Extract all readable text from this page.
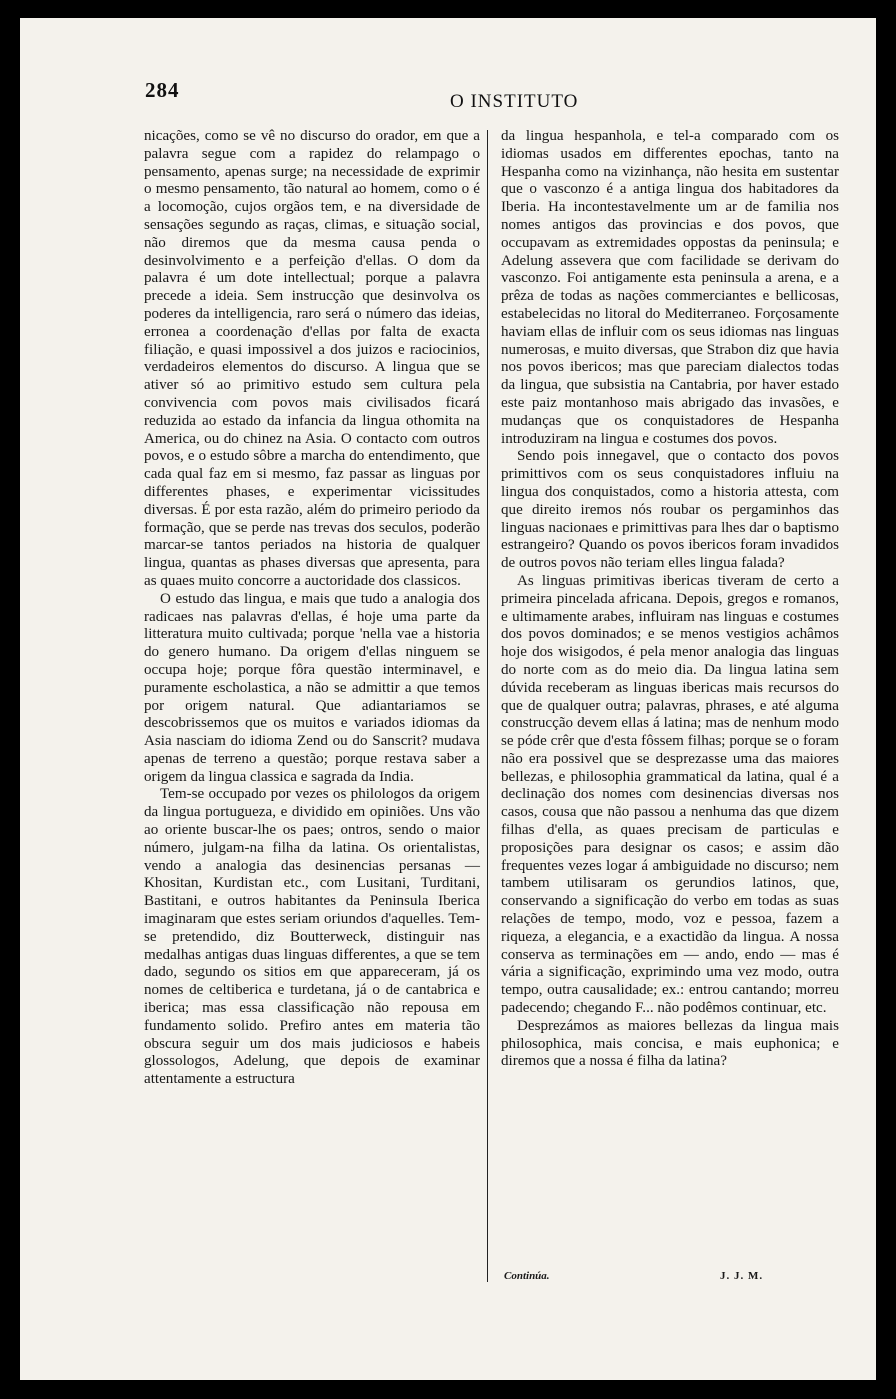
284	O INSTITUTO

nicações, como se vê no discurso do orador, em que a palavra segue com a rapidez do relampago o pensamento, apenas surge; na necessidade de exprimir o mesmo pensamento, tão natural ao homem, como o é a locomoção, cujos orgãos tem, e na diversidade de sensações segundo as raças, climas, e situação social, não diremos que da mesma causa penda o desinvolvimento e a perfeição d'ellas. O dom da palavra é um dote intellectual; porque a palavra precede a ideia. Sem instrucção que desinvolva os poderes da intelligencia, raro será o número das ideias, erronea a coordenação d'ellas por falta de exacta filiação, e quasi impossivel a dos juizos e raciocinios, verdadeiros elementos do discurso. A lingua que se ativer só ao primitivo estudo sem cultura pela convivencia com povos mais civilisados ficará reduzida ao estado da infancia da lingua othomita na America, ou do chinez na Asia. O contacto com outros povos, e o estudo sôbre a marcha do entendimento, que cada qual faz em si mesmo, faz passar as linguas por differentes phases, e experimentar vicissitudes diversas. É por esta razão, além do primeiro periodo da formação, que se perde nas trevas dos seculos, poderão marcar-se tantos periados na historia de qualquer lingua, quantas as phases diversas que apresenta, para as quaes muito concorre a auctoridade dos classicos.

O estudo das lingua, e mais que tudo a analogia dos radicaes nas palavras d'ellas, é hoje uma parte da litteratura muito cultivada; porque 'nella vae a historia do genero humano. Da origem d'ellas ninguem se occupa hoje; porque fôra questão interminavel, e puramente escholastica, a não se admittir a que temos por origem natural. Que adiantariamos se descobrissemos que os muitos e variados idiomas da Asia nasciam do idioma Zend ou do Sanscrit? mudava apenas de terreno a questão; porque restava saber a origem da lingua classica e sagrada da India.

Tem-se occupado por vezes os philologos da origem da lingua portugueza, e dividido em opiniões. Uns vão ao oriente buscar-lhe os paes; ontros, sendo o maior número, julgam-na filha da latina. Os orientalistas, vendo a analogia das desinencias persanas — Khositan, Kurdistan etc., com Lusitani, Turditani, Bastitani, e outros habitantes da Peninsula Iberica imaginaram que estes seriam oriundos d'aquelles. Tem-se pretendido, diz Boutterweck, distinguir nas medalhas antigas duas linguas differentes, a que se tem dado, segundo os sitios em que appareceram, já os nomes de celtiberica e turdetana, já o de cantabrica e iberica; mas essa classificação não repousa em fundamento solido. Prefiro antes em materia tão obscura seguir um dos mais judiciosos e habeis glossologos, Adelung, que depois de examinar attentamente a estructura

da lingua hespanhola, e tel-a comparado com os idiomas usados em differentes epochas, tanto na Hespanha como na vizinhança, não hesita em sustentar que o vasconzo é a antiga lingua dos habitadores da Iberia. Ha incontestavelmente um ar de familia nos nomes antigos das provincias e dos povos, que occupavam as extremidades oppostas da peninsula; e Adelung assevera que com facilidade se derivam do vasconzo. Foi antigamente esta peninsula a arena, e a prêza de todas as nações commerciantes e bellicosas, estabelecidas no litoral do Mediterraneo. Forçosamente haviam ellas de influir com os seus idiomas nas linguas numerosas, e muito diversas, que Strabon diz que havia nos povos ibericos; mas que pareciam dialectos todas da lingua, que subsistia na Cantabria, por haver estado este paiz montanhoso mais abrigado das invasões, e mudanças que os conquistadores de Hespanha introduziram na lingua e costumes dos povos.

Sendo pois innegavel, que o contacto dos povos primittivos com os seus conquistadores influiu na lingua dos conquistados, como a historia attesta, com que direito iremos nós roubar os pergaminhos das linguas nacionaes e primittivas para lhes dar o baptismo estrangeiro? Quando os povos ibericos foram invadidos de outros povos não teriam elles lingua falada?

As linguas primitivas ibericas tiveram de certo a primeira pincelada africana. Depois, gregos e romanos, e ultimamente arabes, influiram nas linguas e costumes dos povos dominados; e se menos vestigios achâmos hoje dos wisigodos, é pela menor analogia das linguas do norte com as do meio dia. Da lingua latina sem dúvida receberam as linguas ibericas mais recursos do que de qualquer outra; palavras, phrases, e até alguma construcção devem ellas á latina; mas de nenhum modo se póde crêr que d'esta fôssem filhas; porque se o foram não era possivel que se desprezasse uma das maiores bellezas, e philosophia grammatical da latina, qual é a declinação dos nomes com desinencias diversas nos casos, cousa que não passou a nenhuma das que dizem filhas d'ella, as quaes precisam de particulas e proposições para designar os casos; e assim dão frequentes vezes logar á ambiguidade no discurso; nem tambem utilisaram os gerundios latinos, que, conservando a significação do verbo em todas as suas relações de tempo, modo, voz e pessoa, fazem a riqueza, a elegancia, e a exactidão da lingua. A nossa conserva as terminações em — ando, endo — mas é vária a significação, exprimindo uma vez modo, outra tempo, outra causalidade; ex.: entrou cantando; morreu padecendo; chegando F... não podêmos continuar, etc.

Desprezámos as maiores bellezas da lingua mais philosophica, mais concisa, e mais euphonica; e diremos que a nossa é filha da latina?

Continúa.	J. J. M.
